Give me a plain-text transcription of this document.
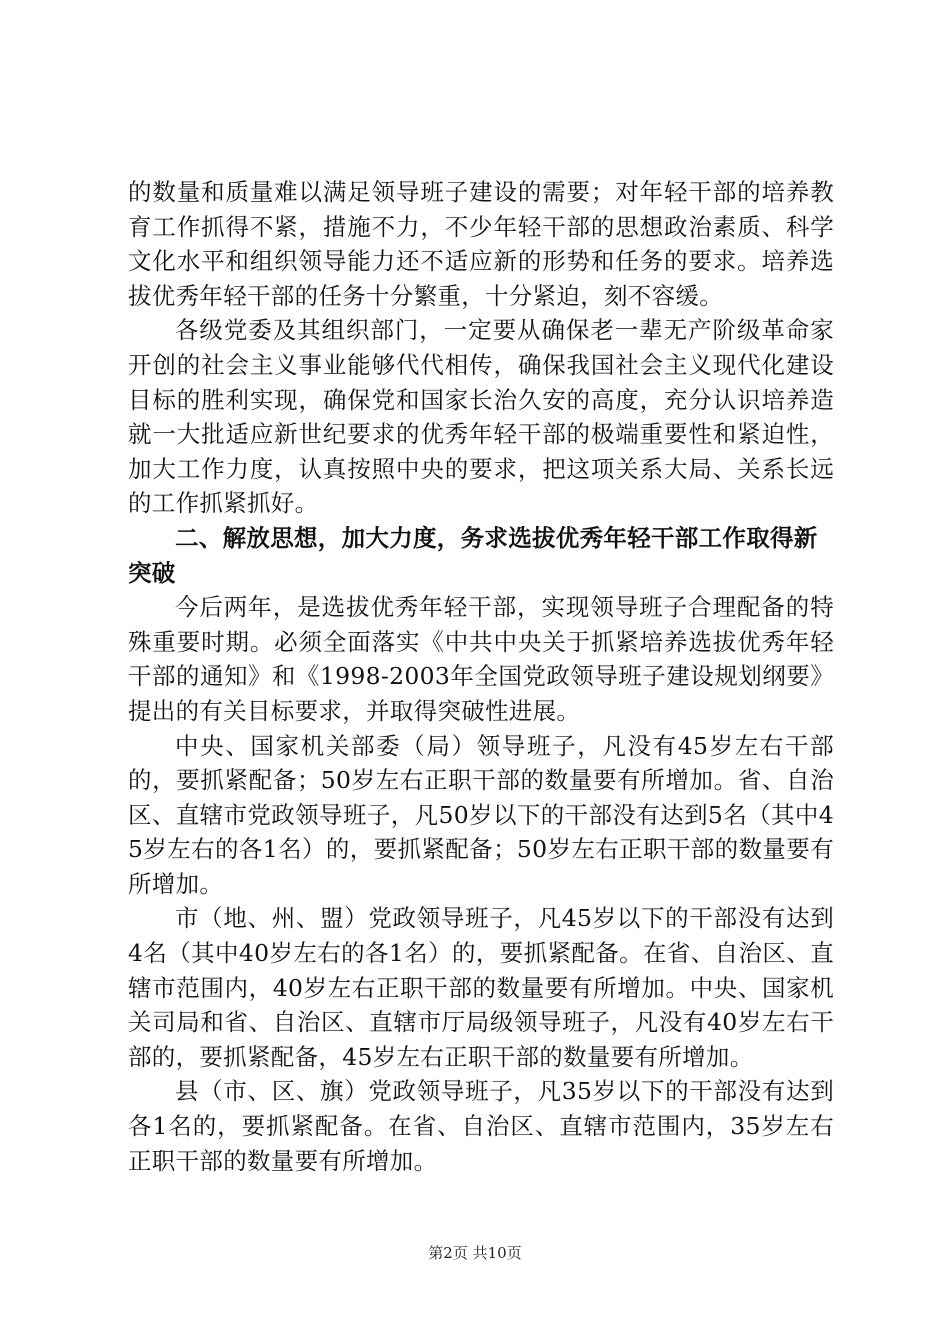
的数量和质量难以满足领导班子建设的需要；对年轻干部的培养教育工作抓得不紧，措施不力，不少年轻干部的思想政治素质、科学文化水平和组织领导能力还不适应新的形势和任务的要求。培养选拔优秀年轻干部的任务十分繁重，十分紧迫，刻不容缓。

各级党委及其组织部门，一定要从确保老一辈无产阶级革命家开创的社会主义事业能够代代相传，确保我国社会主义现代化建设目标的胜利实现，确保党和国家长治久安的高度，充分认识培养造就一大批适应新世纪要求的优秀年轻干部的极端重要性和紧迫性，加大工作力度，认真按照中央的要求，把这项关系大局、关系长远的工作抓紧抓好。

二、解放思想，加大力度，务求选拔优秀年轻干部工作取得新突破

今后两年，是选拔优秀年轻干部，实现领导班子合理配备的特殊重要时期。必须全面落实《中共中央关于抓紧培养选拔优秀年轻干部的通知》和《1998-2003年全国党政领导班子建设规划纲要》提出的有关目标要求，并取得突破性进展。

中央、国家机关部委（局）领导班子，凡没有45岁左右干部的，要抓紧配备；50岁左右正职干部的数量要有所增加。省、自治区、直辖市党政领导班子，凡50岁以下的干部没有达到5名（其中45岁左右的各1名）的，要抓紧配备；50岁左右正职干部的数量要有所增加。

市（地、州、盟）党政领导班子，凡45岁以下的干部没有达到4名（其中40岁左右的各1名）的，要抓紧配备。在省、自治区、直辖市范围内，40岁左右正职干部的数量要有所增加。中央、国家机关司局和省、自治区、直辖市厅局级领导班子，凡没有40岁左右干部的，要抓紧配备，45岁左右正职干部的数量要有所增加。

县（市、区、旗）党政领导班子，凡35岁以下的干部没有达到各1名的，要抓紧配备。在省、自治区、直辖市范围内，35岁左右正职干部的数量要有所增加。

第2页 共10页
